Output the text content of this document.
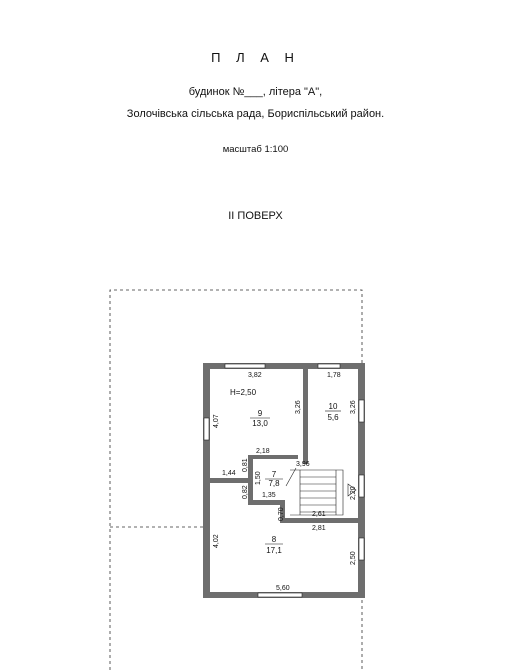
П Л А Н
будинок №___, літера "А",
Золочівська сільська рада, Бориспільський район.
масштаб 1:100
ІІ ПОВЕРХ
H=2,50
9
13,0
10
5,6
7
7,8
8
17,1
3,82	1,78
4,07
3,26	3,26
2,18
0,81
1,50
1,44
3,96
2,20
0,82 1,35
0,70	2,61
2,81
4,02
2,50
5,60
